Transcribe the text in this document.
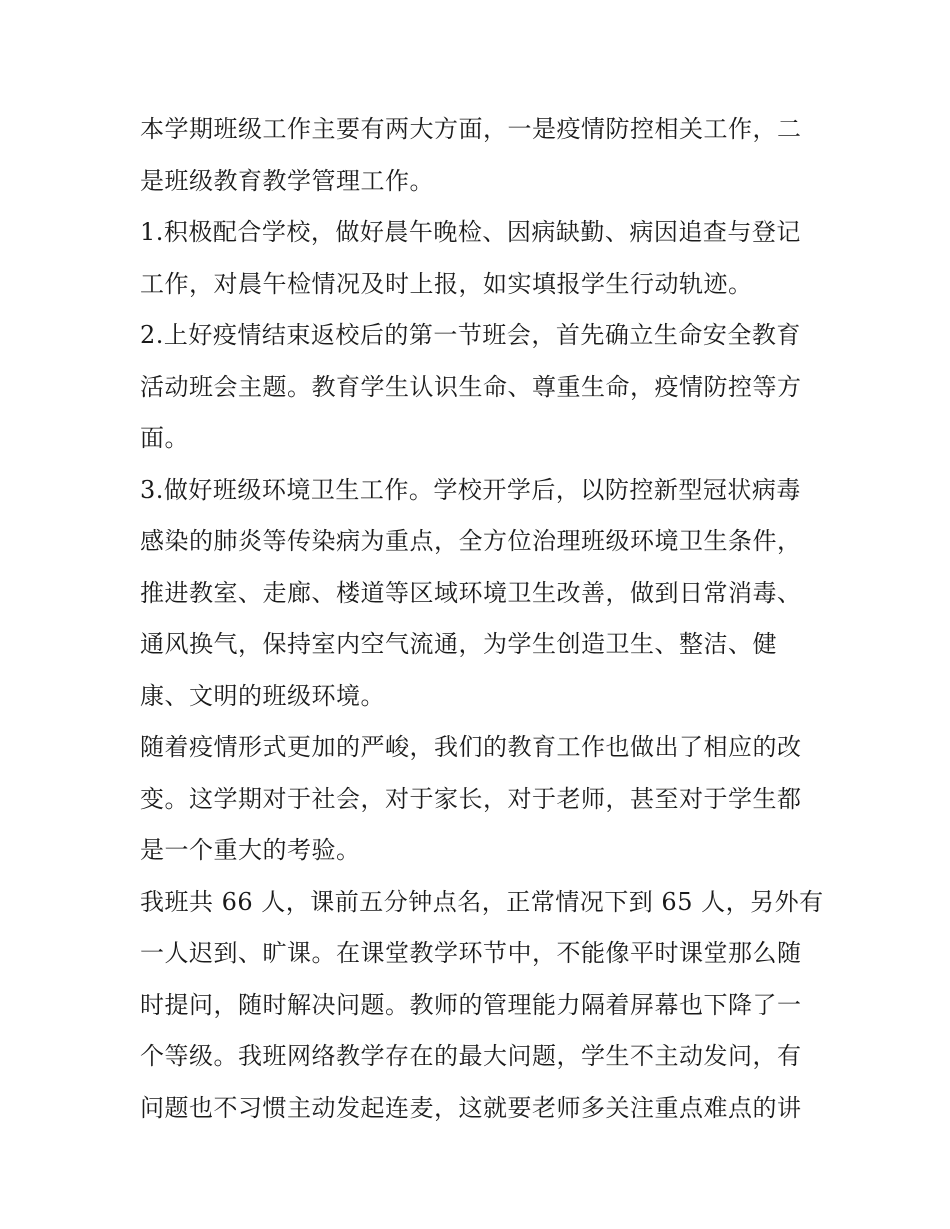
本学期班级工作主要有两大方面，一是疫情防控相关工作，二
是班级教育教学管理工作。
1.积极配合学校，做好晨午晚检、因病缺勤、病因追查与登记
工作，对晨午检情况及时上报，如实填报学生行动轨迹。
2.上好疫情结束返校后的第一节班会，首先确立生命安全教育
活动班会主题。教育学生认识生命、尊重生命，疫情防控等方
面。
3.做好班级环境卫生工作。学校开学后，以防控新型冠状病毒
感染的肺炎等传染病为重点，全方位治理班级环境卫生条件，
推进教室、走廊、楼道等区域环境卫生改善，做到日常消毒、
通风换气，保持室内空气流通，为学生创造卫生、整洁、健
康、文明的班级环境。
随着疫情形式更加的严峻，我们的教育工作也做出了相应的改
变。这学期对于社会，对于家长，对于老师，甚至对于学生都
是一个重大的考验。
我班共 66 人，课前五分钟点名，正常情况下到 65 人，另外有
一人迟到、旷课。在课堂教学环节中，不能像平时课堂那么随
时提问，随时解决问题。教师的管理能力隔着屏幕也下降了一
个等级。我班网络教学存在的最大问题，学生不主动发问，有
问题也不习惯主动发起连麦，这就要老师多关注重点难点的讲
